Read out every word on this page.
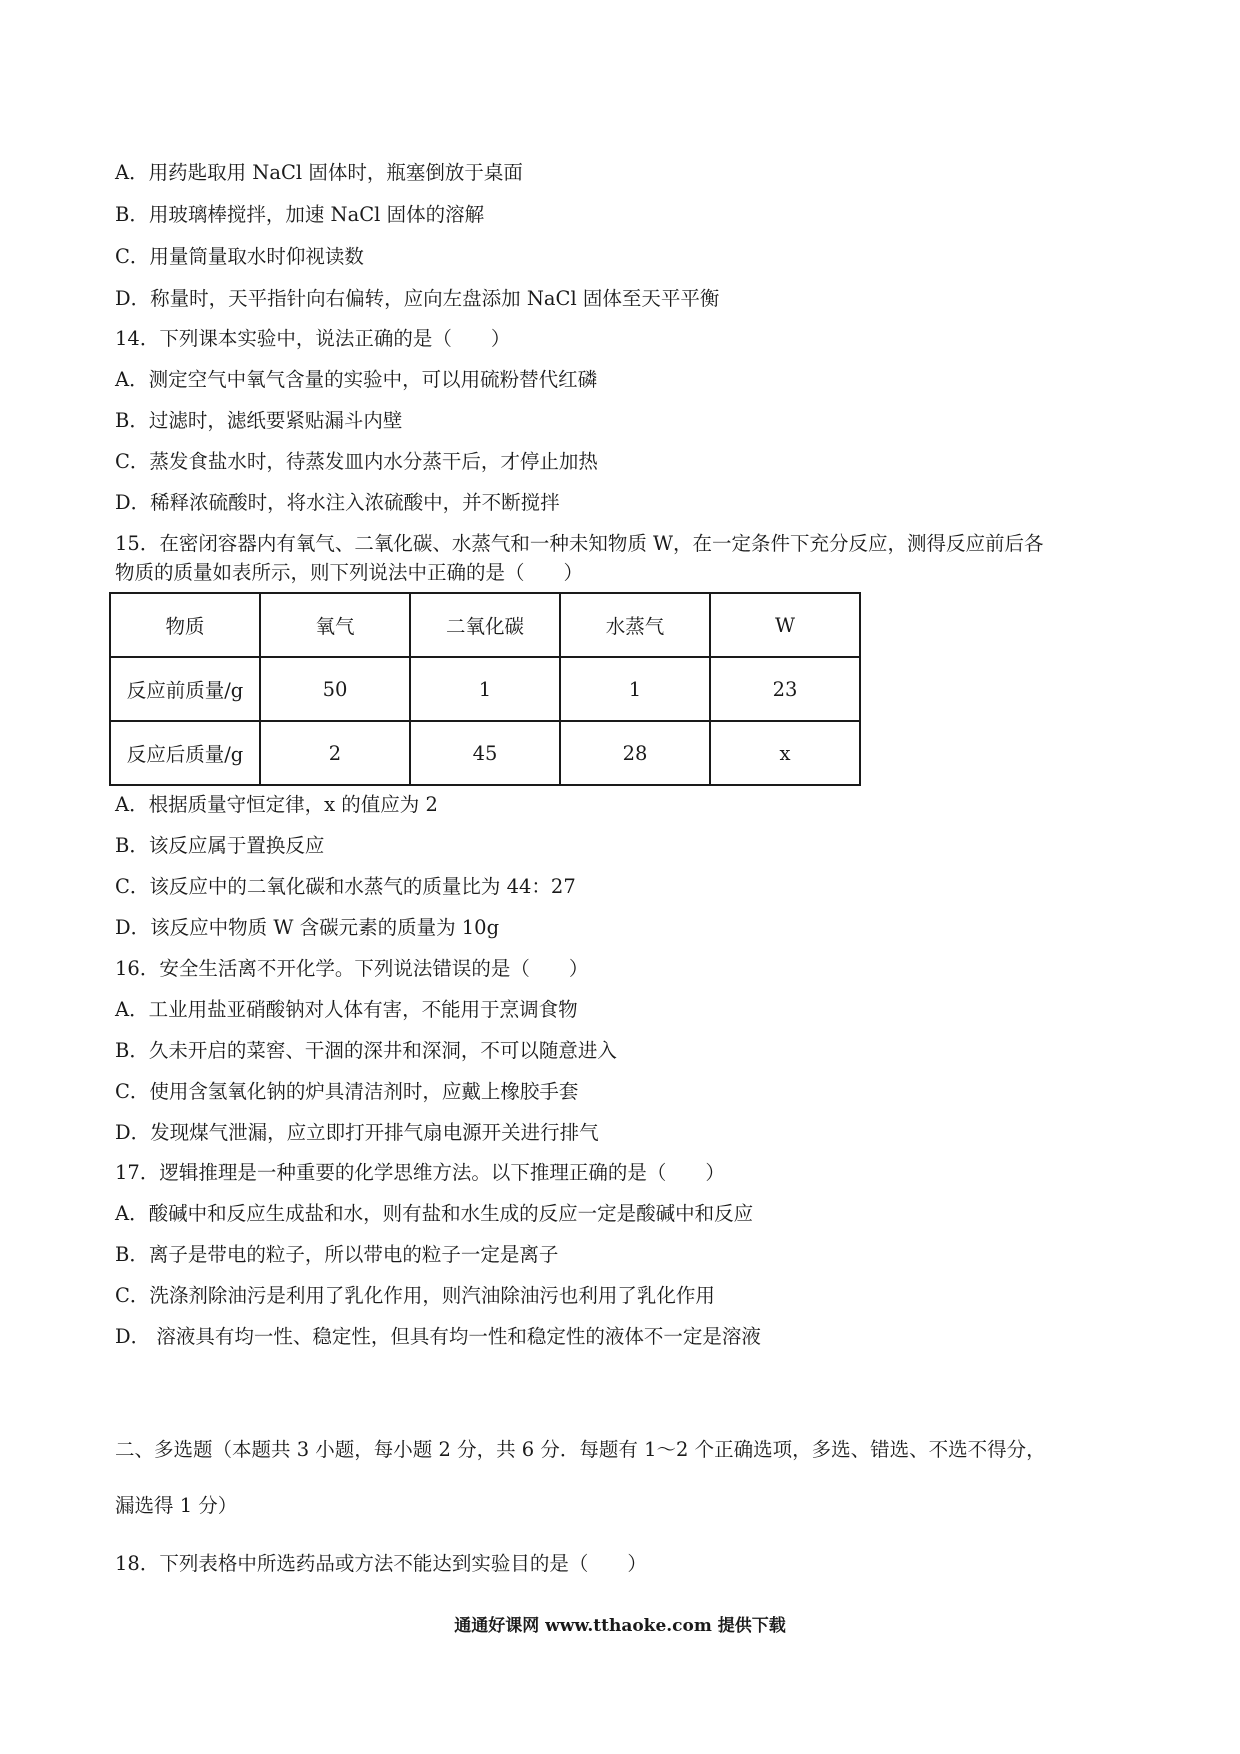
A．用药匙取用 NaCl 固体时，瓶塞倒放于桌面
B．用玻璃棒搅拌，加速 NaCl 固体的溶解
C．用量筒量取水时仰视读数
D．称量时，天平指针向右偏转，应向左盘添加 NaCl 固体至天平平衡
14．下列课本实验中，说法正确的是（　　）
A．测定空气中氧气含量的实验中，可以用硫粉替代红磷
B．过滤时，滤纸要紧贴漏斗内壁
C．蒸发食盐水时，待蒸发皿内水分蒸干后，才停止加热
D．稀释浓硫酸时，将水注入浓硫酸中，并不断搅拌
15．在密闭容器内有氧气、二氧化碳、水蒸气和一种未知物质 W，在一定条件下充分反应，测得反应前后各
物质的质量如表所示，则下列说法中正确的是（　　）
物质	氧气	二氧化碳	水蒸气	W
反应前质量/g	50	1	1	23
反应后质量/g	2	45	28	x
A．根据质量守恒定律，x 的值应为 2
B．该反应属于置换反应
C．该反应中的二氧化碳和水蒸气的质量比为 44：27
D．该反应中物质 W 含碳元素的质量为 10g
16．安全生活离不开化学。下列说法错误的是（　　）
A．工业用盐亚硝酸钠对人体有害，不能用于烹调食物
B．久未开启的菜窖、干涸的深井和深洞，不可以随意进入
C．使用含氢氧化钠的炉具清洁剂时，应戴上橡胶手套
D．发现煤气泄漏，应立即打开排气扇电源开关进行排气
17．逻辑推理是一种重要的化学思维方法。以下推理正确的是（　　）
A．酸碱中和反应生成盐和水，则有盐和水生成的反应一定是酸碱中和反应
B．离子是带电的粒子，所以带电的粒子一定是离子
C．洗涤剂除油污是利用了乳化作用，则汽油除油污也利用了乳化作用
D． 溶液具有均一性、稳定性，但具有均一性和稳定性的液体不一定是溶液
二、多选题（本题共 3 小题，每小题 2 分，共 6 分．每题有 1～2 个正确选项，多选、错选、不选不得分，
漏选得 1 分）
18．下列表格中所选药品或方法不能达到实验目的是（　　）
通通好课网 www.tthaoke.com 提供下载
